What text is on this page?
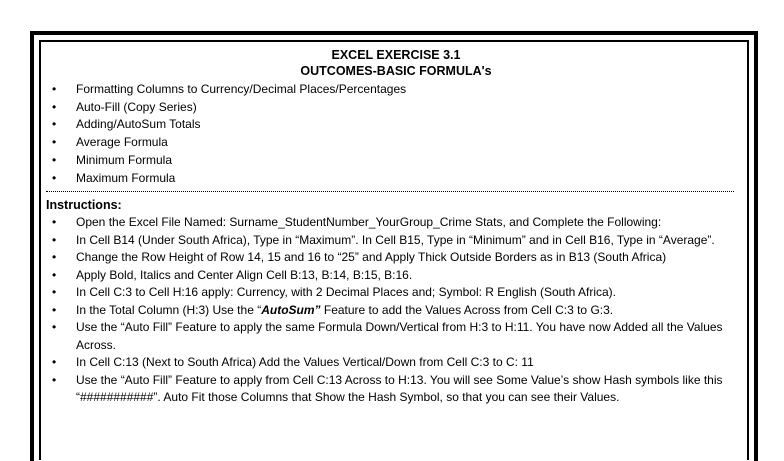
EXCEL EXERCISE 3.1
OUTCOMES-BASIC FORMULA's
• Formatting Columns to Currency/Decimal Places/Percentages
• Auto-Fill (Copy Series)
• Adding/AutoSum Totals
• Average Formula
• Minimum Formula
• Maximum Formula
Instructions:
• Open the Excel File Named: Surname_StudentNumber_YourGroup_Crime Stats, and Complete the Following:
• In Cell B14 (Under South Africa), Type in “Maximum”. In Cell B15, Type in “Minimum” and in Cell B16, Type in “Average”.
• Change the Row Height of Row 14, 15 and 16 to “25” and Apply Thick Outside Borders as in B13 (South Africa)
• Apply Bold, Italics and Center Align Cell B:13, B:14, B:15, B:16.
• In Cell C:3 to Cell H:16 apply: Currency, with 2 Decimal Places and; Symbol: R English (South Africa).
• In the Total Column (H:3) Use the “AutoSum” Feature to add the Values Across from Cell C:3 to G:3.
• Use the “Auto Fill” Feature to apply the same Formula Down/Vertical from H:3 to H:11. You have now Added all the Values Across.
• In Cell C:13 (Next to South Africa) Add the Values Vertical/Down from Cell C:3 to C: 11
• Use the “Auto Fill” Feature to apply from Cell C:13 Across to H:13. You will see Some Value’s show Hash symbols like this “###########”. Auto Fit those Columns that Show the Hash Symbol, so that you can see their Values.
